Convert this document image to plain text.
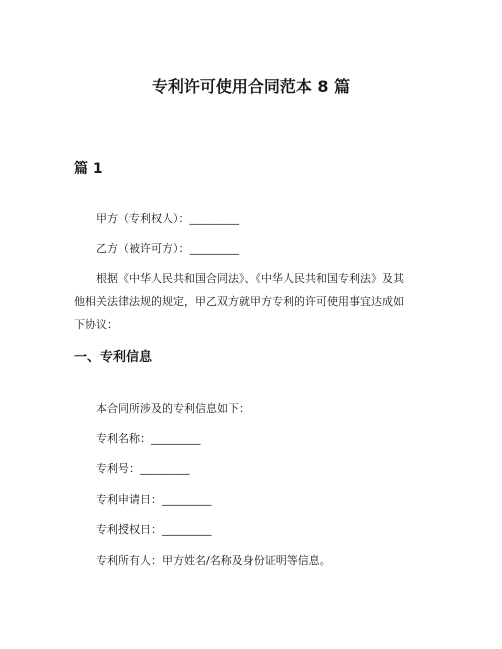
专利许可使用合同范本 8 篇
篇 1

甲方（专利权人）：_________

乙方（被许可方）：_________

根据《中华人民共和国合同法》、《中华人民共和国专利法》及其

他相关法律法规的规定，甲乙双方就甲方专利的许可使用事宜达成如

下协议：

一、专利信息

本合同所涉及的专利信息如下：

专利名称：_________

专利号：_________

专利申请日：_________

专利授权日：_________

专利所有人：甲方姓名/名称及身份证明等信息。
